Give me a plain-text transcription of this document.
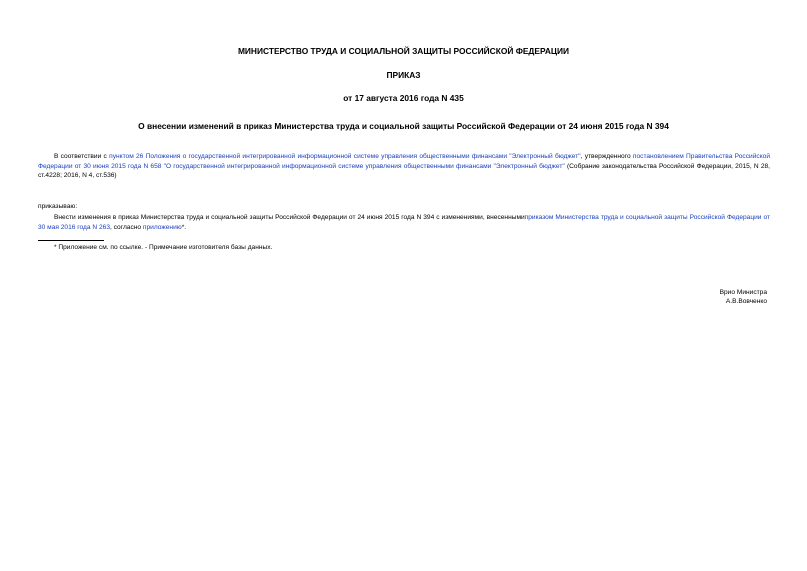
МИНИСТЕРСТВО ТРУДА И СОЦИАЛЬНОЙ ЗАЩИТЫ РОССИЙСКОЙ ФЕДЕРАЦИИ
ПРИКАЗ
от 17 августа 2016 года N 435
О внесении изменений в приказ Министерства труда и социальной защиты Российской Федерации от 24 июня 2015 года N 394
В соответствии с пунктом 26 Положения о государственной интегрированной информационной системе управления общественными финансами "Электронный бюджет", утвержденного постановлением Правительства Российской Федерации от 30 июня 2015 года N 658 "О государственной интегрированной информационной системе управления общественными финансами "Электронный бюджет" (Собрание законодательства Российской Федерации, 2015, N 28, ст.4228; 2016, N 4, ст.536)
приказываю:
Внести изменения в приказ Министерства труда и социальной защиты Российской Федерации от 24 июня 2015 года N 394 с изменениями, внесеннымиприказом Министерства труда и социальной защиты Российской Федерации от 30 мая 2016 года N 263, согласно приложению*.
* Приложение см. по ссылке. - Примечание изготовителя базы данных.
Врио Министра
А.В.Вовченко
